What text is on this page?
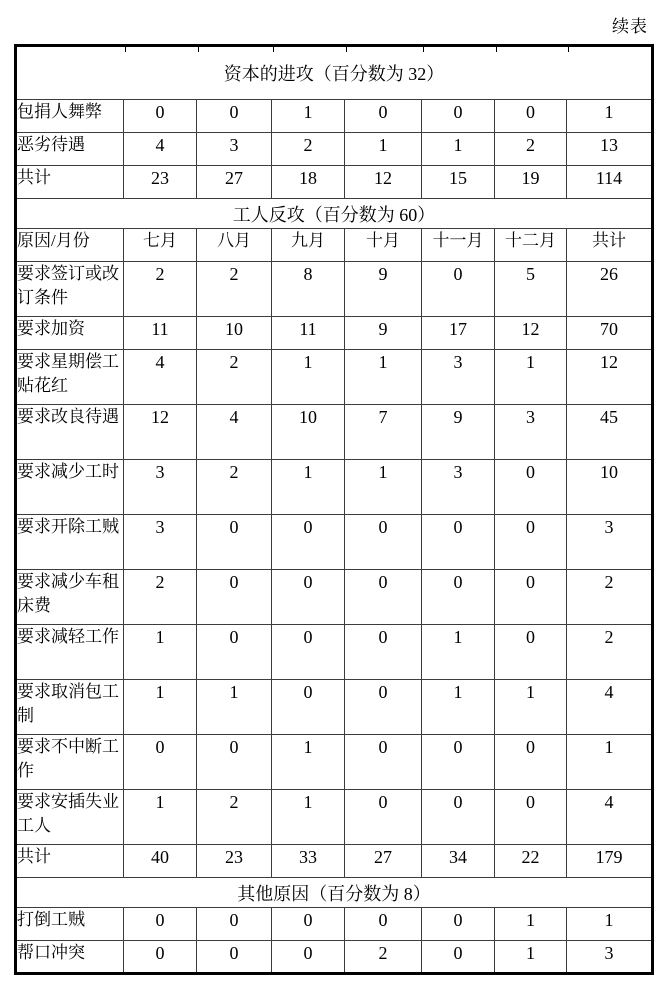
续表
资本的进攻（百分数为 32）							
包捐人舞弊	0	0	1	0	0	0	1
恶劣待遇	4	3	2	1	1	2	13
共计	23	27	18	12	15	19	114
工人反攻（百分数为 60）							
原因/月份	七月	八月	九月	十月	十一月	十二月	共计
要求签订或改订条件	2	2	8	9	0	5	26
要求加资	11	10	11	9	17	12	70
要求星期偿工贴花红	4	2	1	1	3	1	12
要求改良待遇	12	4	10	7	9	3	45
要求减少工时	3	2	1	1	3	0	10
要求开除工贼	3	0	0	0	0	0	3
要求减少车租床费	2	0	0	0	0	0	2
要求减轻工作	1	0	0	0	1	0	2
要求取消包工制	1	1	0	0	1	1	4
要求不中断工作	0	0	1	0	0	0	1
要求安插失业工人	1	2	1	0	0	0	4
共计	40	23	33	27	34	22	179
其他原因（百分数为 8）							
打倒工贼	0	0	0	0	0	1	1
帮口冲突	0	0	0	2	0	1	3
